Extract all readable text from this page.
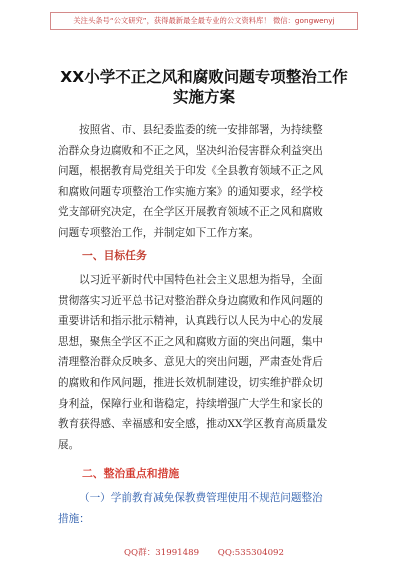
关注头条号“公文研究”，获得最新最全最专业的公文资料库！ 微信：gongwenyj
XX小学不正之风和腐败问题专项整治工作
实施方案

按照省、市、县纪委监委的统一安排部署，为持续整
治群众身边腐败和不正之风，坚决纠治侵害群众利益突出
问题，根据教育局党组关于印发《全县教育领域不正之风
和腐败问题专项整治工作实施方案》的通知要求，经学校
党支部研究决定，在全学区开展教育领域不正之风和腐败
问题专项整治工作，并制定如下工作方案。

一、目标任务

以习近平新时代中国特色社会主义思想为指导，全面
贯彻落实习近平总书记对整治群众身边腐败和作风问题的
重要讲话和指示批示精神，认真践行以人民为中心的发展
思想，聚焦全学区不正之风和腐败方面的突出问题，集中
清理整治群众反映多、意见大的突出问题，严肃查处背后
的腐败和作风问题，推进长效机制建设，切实维护群众切
身利益，保障行业和谐稳定，持续增强广大学生和家长的
教育获得感、幸福感和安全感，推动XX学区教育高质量发
展。

二、整治重点和措施

（一）学前教育减免保教费管理使用不规范问题整治
措施：

QQ群：31991489 QQ:535304092
